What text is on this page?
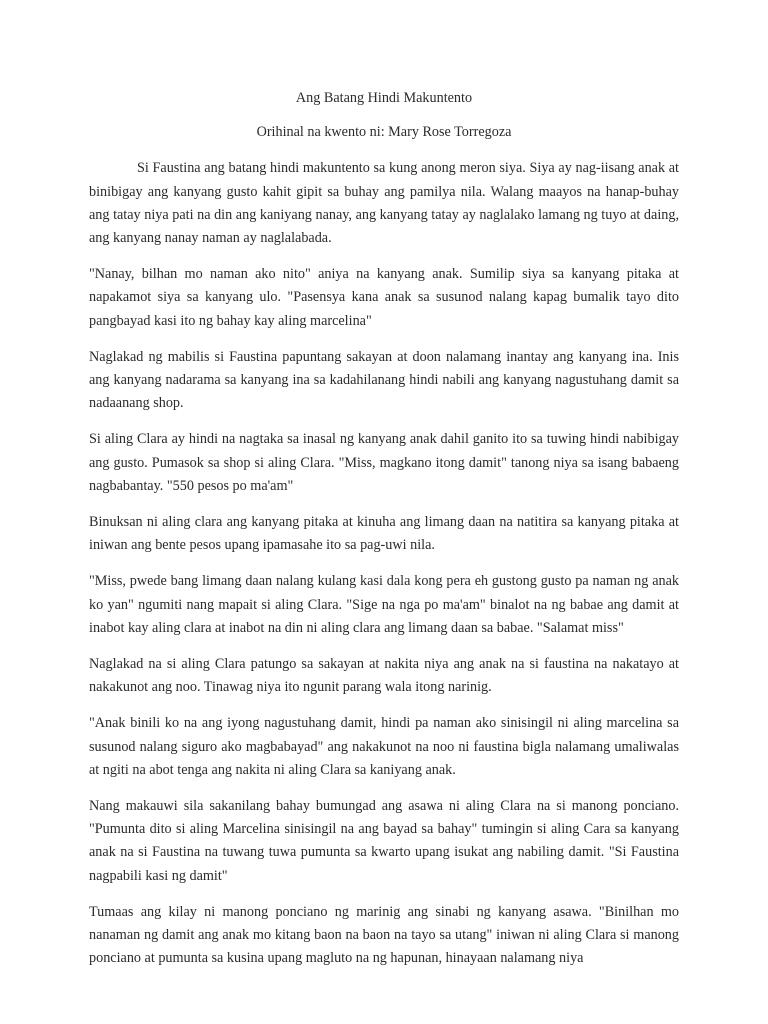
Ang Batang Hindi Makuntento
Orihinal na kwento ni: Mary Rose Torregoza

Si Faustina ang batang hindi makuntento sa kung anong meron siya. Siya ay nag-iisang anak at binibigay ang kanyang gusto kahit gipit sa buhay ang pamilya nila. Walang maayos na hanap-buhay ang tatay niya pati na din ang kaniyang nanay, ang kanyang tatay ay naglalako lamang ng tuyo at daing, ang kanyang nanay naman ay naglalabada.

"Nanay, bilhan mo naman ako nito" aniya na kanyang anak. Sumilip siya sa kanyang pitaka at napakamot siya sa kanyang ulo. "Pasensya kana anak sa susunod nalang kapag bumalik tayo dito pangbayad kasi ito ng bahay kay aling marcelina"

Naglakad ng mabilis si Faustina papuntang sakayan at doon nalamang inantay ang kanyang ina. Inis ang kanyang nadarama sa kanyang ina sa kadahilanang hindi nabili ang kanyang nagustuhang damit sa nadaanang shop.

Si aling Clara ay hindi na nagtaka sa inasal ng kanyang anak dahil ganito ito sa tuwing hindi nabibigay ang gusto. Pumasok sa shop si aling Clara. "Miss, magkano itong damit" tanong niya sa isang babaeng nagbabantay. "550 pesos po ma'am"

Binuksan ni aling clara ang kanyang pitaka at kinuha ang limang daan na natitira sa kanyang pitaka at iniwan ang bente pesos upang ipamasahe ito sa pag-uwi nila.

"Miss, pwede bang limang daan nalang kulang kasi dala kong pera eh gustong gusto pa naman ng anak ko yan" ngumiti nang mapait si aling Clara. "Sige na nga po ma'am" binalot na ng babae ang damit at inabot kay aling clara at inabot na din ni aling clara ang limang daan sa babae. "Salamat miss"

Naglakad na si aling Clara patungo sa sakayan at nakita niya ang anak na si faustina na nakatayo at nakakunot ang noo. Tinawag niya ito ngunit parang wala itong narinig.

"Anak binili ko na ang iyong nagustuhang damit, hindi pa naman ako sinisingil ni aling marcelina sa susunod nalang siguro ako magbabayad" ang nakakunot na noo ni faustina bigla nalamang umaliwalas at ngiti na abot tenga ang nakita ni aling Clara sa kaniyang anak.

Nang makauwi sila sakanilang bahay bumungad ang asawa ni aling Clara na si manong ponciano. "Pumunta dito si aling Marcelina sinisingil na ang bayad sa bahay" tumingin si aling Cara sa kanyang anak na si Faustina na tuwang tuwa pumunta sa kwarto upang isukat ang nabiling damit. "Si Faustina nagpabili kasi ng damit"

Tumaas ang kilay ni manong ponciano ng marinig ang sinabi ng kanyang asawa. "Binilhan mo nanaman ng damit ang anak mo kitang baon na baon na tayo sa utang" iniwan ni aling Clara si manong ponciano at pumunta sa kusina upang magluto na ng hapunan, hinayaan nalamang niya
